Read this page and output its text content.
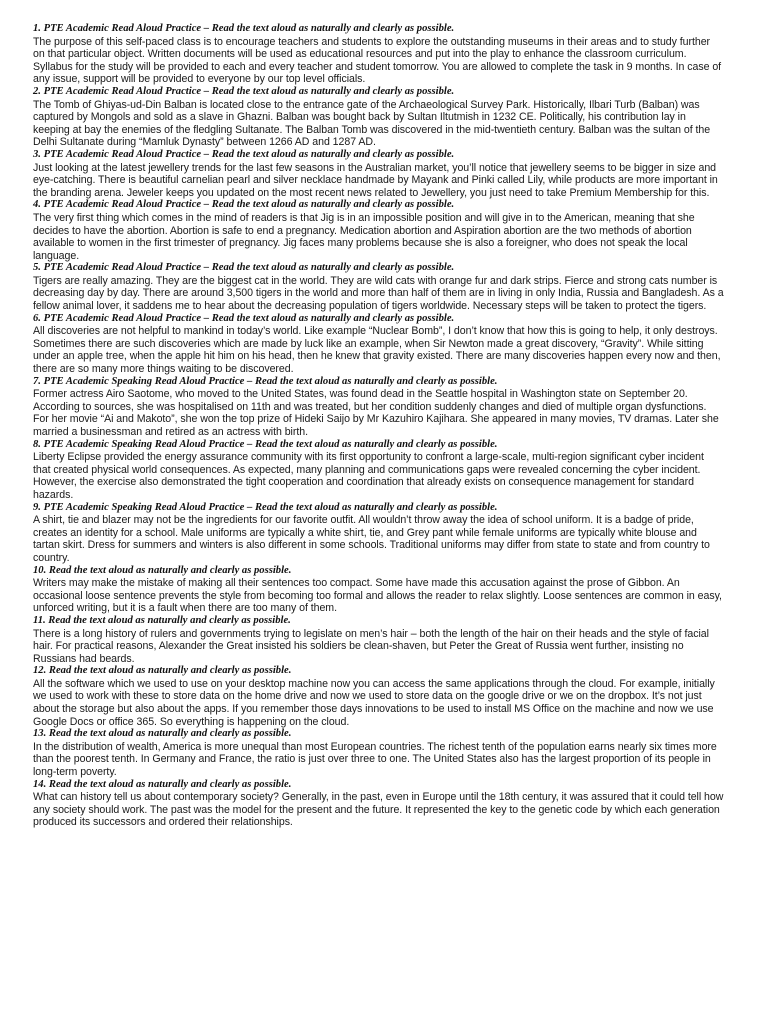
1. PTE Academic Read Aloud Practice – Read the text aloud as naturally and clearly as possible.

The purpose of this self-paced class is to encourage teachers and students to explore the outstanding museums in their areas and to study further on that particular object. Written documents will be used as educational resources and put into the play to enhance the classroom curriculum. Syllabus for the study will be provided to each and every teacher and student tomorrow. You are allowed to complete the task in 9 months. In case of any issue, support will be provided to everyone by our top level officials.

2. PTE Academic Read Aloud Practice – Read the text aloud as naturally and clearly as possible.

The Tomb of Ghiyas-ud-Din Balban is located close to the entrance gate of the Archaeological Survey Park. Historically, Ilbari Turb (Balban) was captured by Mongols and sold as a slave in Ghazni. Balban was bought back by Sultan Iltutmish in 1232 CE. Politically, his contribution lay in keeping at bay the enemies of the fledgling Sultanate. The Balban Tomb was discovered in the mid-twentieth century. Balban was the sultan of the Delhi Sultanate during “Mamluk Dynasty” between 1266 AD and 1287 AD.

3. PTE Academic Read Aloud Practice – Read the text aloud as naturally and clearly as possible.

Just looking at the latest jewellery trends for the last few seasons in the Australian market, you’ll notice that jewellery seems to be bigger in size and eye-catching. There is beautiful carnelian pearl and silver necklace handmade by Mayank and Pinki called Lily, while products are more important in the branding arena. Jeweler keeps you updated on the most recent news related to Jewellery, you just need to take Premium Membership for this.

4. PTE Academic Read Aloud Practice – Read the text aloud as naturally and clearly as possible.

The very first thing which comes in the mind of readers is that Jig is in an impossible position and will give in to the American, meaning that she decides to have the abortion. Abortion is safe to end a pregnancy. Medication abortion and Aspiration abortion are the two methods of abortion available to women in the first trimester of pregnancy. Jig faces many problems because she is also a foreigner, who does not speak the local language.

5. PTE Academic Read Aloud Practice – Read the text aloud as naturally and clearly as possible.

Tigers are really amazing. They are the biggest cat in the world. They are wild cats with orange fur and dark strips. Fierce and strong cats number is decreasing day by day. There are around 3,500 tigers in the world and more than half of them are in living in only India, Russia and Bangladesh. As a fellow animal lover, it saddens me to hear about the decreasing population of tigers worldwide. Necessary steps will be taken to protect the tigers.

6. PTE Academic Read Aloud Practice – Read the text aloud as naturally and clearly as possible.

All discoveries are not helpful to mankind in today’s world. Like example “Nuclear Bomb”, I don’t know that how this is going to help, it only destroys. Sometimes there are such discoveries which are made by luck like an example, when Sir Newton made a great discovery, “Gravity”. While sitting under an apple tree, when the apple hit him on his head, then he knew that gravity existed. There are many discoveries happen every now and then, there are so many more things waiting to be discovered.

7. PTE Academic Speaking Read Aloud Practice – Read the text aloud as naturally and clearly as possible.

Former actress Airo Saotome, who moved to the United States, was found dead in the Seattle hospital in Washington state on September 20. According to sources, she was hospitalised on 11th and was treated, but her condition suddenly changes and died of multiple organ dysfunctions. For her movie “Ai and Makoto”, she won the top prize of Hideki Saijo by Mr Kazuhiro Kajihara. She appeared in many movies, TV dramas. Later she married a businessman and retired as an actress with birth.

8. PTE Academic Speaking Read Aloud Practice – Read the text aloud as naturally and clearly as possible.

Liberty Eclipse provided the energy assurance community with its first opportunity to confront a large-scale, multi-region significant cyber incident that created physical world consequences. As expected, many planning and communications gaps were revealed concerning the cyber incident. However, the exercise also demonstrated the tight cooperation and coordination that already exists on consequence management for standard hazards.

9. PTE Academic Speaking Read Aloud Practice – Read the text aloud as naturally and clearly as possible.

A shirt, tie and blazer may not be the ingredients for our favorite outfit. All wouldn’t throw away the idea of school uniform. It is a badge of pride, creates an identity for a school. Male uniforms are typically a white shirt, tie, and Grey pant while female uniforms are typically white blouse and tartan skirt. Dress for summers and winters is also different in some schools. Traditional uniforms may differ from state to state and from country to country.

10. Read the text aloud as naturally and clearly as possible.

Writers may make the mistake of making all their sentences too compact. Some have made this accusation against the prose of Gibbon. An occasional loose sentence prevents the style from becoming too formal and allows the reader to relax slightly. Loose sentences are common in easy, unforced writing, but it is a fault when there are too many of them.

11. Read the text aloud as naturally and clearly as possible.

There is a long history of rulers and governments trying to legislate on men’s hair – both the length of the hair on their heads and the style of facial hair. For practical reasons, Alexander the Great insisted his soldiers be clean-shaven, but Peter the Great of Russia went further, insisting no Russians had beards.

12. Read the text aloud as naturally and clearly as possible.

All the software which we used to use on your desktop machine now you can access the same applications through the cloud. For example, initially we used to work with these to store data on the home drive and now we used to store data on the google drive or we on the dropbox. It’s not just about the storage but also about the apps. If you remember those days innovations to be used to install MS Office on the machine and now we use Google Docs or office 365. So everything is happening on the cloud.

13. Read the text aloud as naturally and clearly as possible.

In the distribution of wealth, America is more unequal than most European countries. The richest tenth of the population earns nearly six times more than the poorest tenth. In Germany and France, the ratio is just over three to one. The United States also has the largest proportion of its people in long-term poverty.

14. Read the text aloud as naturally and clearly as possible.

What can history tell us about contemporary society? Generally, in the past, even in Europe until the 18th century, it was assured that it could tell how any society should work. The past was the model for the present and the future. It represented the key to the genetic code by which each generation produced its successors and ordered their relationships.
